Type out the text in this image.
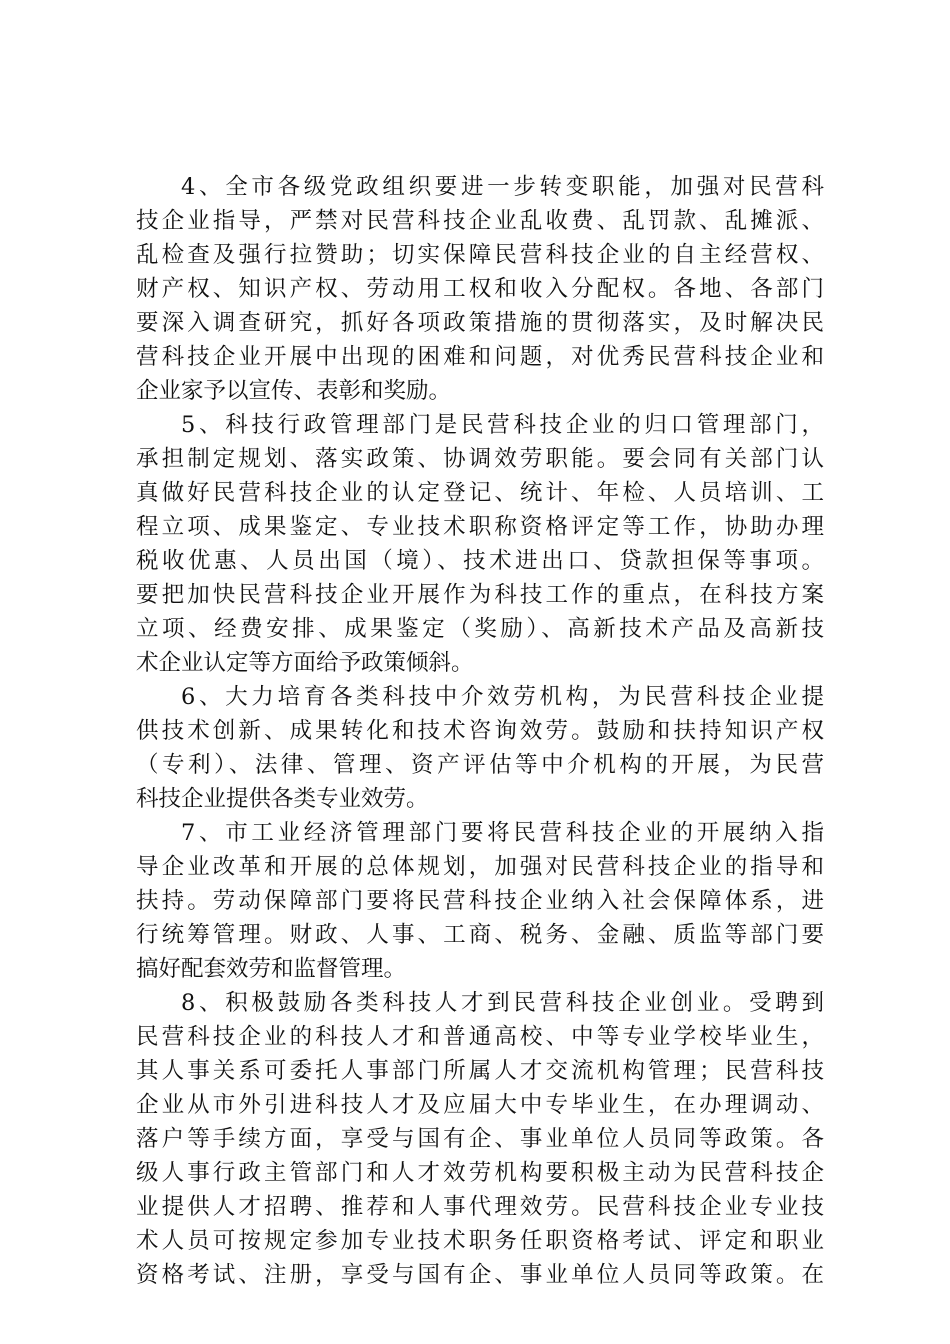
4、全市各级党政组织要进一步转变职能，加强对民营科
技企业指导，严禁对民营科技企业乱收费、乱罚款、乱摊派、
乱检查及强行拉赞助；切实保障民营科技企业的自主经营权、
财产权、知识产权、劳动用工权和收入分配权。各地、各部门
要深入调查研究，抓好各项政策措施的贯彻落实，及时解决民
营科技企业开展中出现的困难和问题，对优秀民营科技企业和
企业家予以宣传、表彰和奖励。
5、科技行政管理部门是民营科技企业的归口管理部门，
承担制定规划、落实政策、协调效劳职能。要会同有关部门认
真做好民营科技企业的认定登记、统计、年检、人员培训、工
程立项、成果鉴定、专业技术职称资格评定等工作，协助办理
税收优惠、人员出国（境）、技术进出口、贷款担保等事项。
要把加快民营科技企业开展作为科技工作的重点，在科技方案
立项、经费安排、成果鉴定（奖励）、高新技术产品及高新技
术企业认定等方面给予政策倾斜。
6、大力培育各类科技中介效劳机构，为民营科技企业提
供技术创新、成果转化和技术咨询效劳。鼓励和扶持知识产权
（专利）、法律、管理、资产评估等中介机构的开展，为民营
科技企业提供各类专业效劳。
7、市工业经济管理部门要将民营科技企业的开展纳入指
导企业改革和开展的总体规划，加强对民营科技企业的指导和
扶持。劳动保障部门要将民营科技企业纳入社会保障体系，进
行统筹管理。财政、人事、工商、税务、金融、质监等部门要
搞好配套效劳和监督管理。
8、积极鼓励各类科技人才到民营科技企业创业。受聘到
民营科技企业的科技人才和普通高校、中等专业学校毕业生，
其人事关系可委托人事部门所属人才交流机构管理；民营科技
企业从市外引进科技人才及应届大中专毕业生，在办理调动、
落户等手续方面，享受与国有企、事业单位人员同等政策。各
级人事行政主管部门和人才效劳机构要积极主动为民营科技企
业提供人才招聘、推荐和人事代理效劳。民营科技企业专业技
术人员可按规定参加专业技术职务任职资格考试、评定和职业
资格考试、注册，享受与国有企、事业单位人员同等政策。在
